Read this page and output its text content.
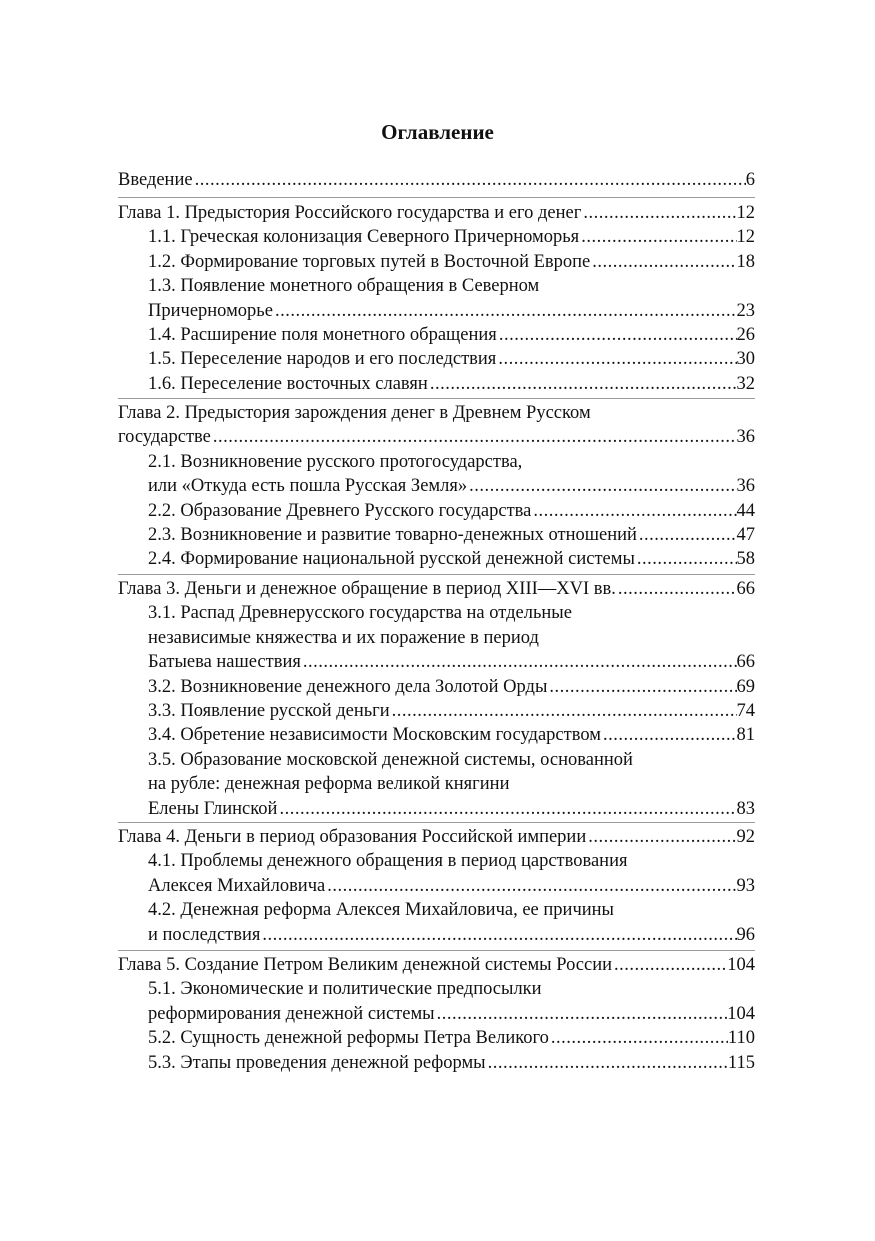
Оглавление
Введение .....	6
Глава 1. Предыстория Российского государства и его денег .....	12
1.1. Греческая колонизация Северного Причерноморья .....	12
1.2. Формирование торговых путей в Восточной Европе .....	18
1.3. Появление монетного обращения в Северном
Причерноморье .....	23
1.4. Расширение поля монетного обращения .....	26
1.5. Переселение народов и его последствия .....	30
1.6. Переселение восточных славян .....	32
Глава 2. Предыстория зарождения денег в Древнем Русском
государстве .....	36
2.1. Возникновение русского протогосударства,
или «Откуда есть пошла Русская Земля» .....	36
2.2. Образование Древнего Русского государства .....	44
2.3. Возникновение и развитие товарно-денежных отношений .....	47
2.4. Формирование национальной русской денежной системы .....	58
Глава 3. Деньги и денежное обращение в период XIII—XVI вв. .....	66
3.1. Распад Древнерусского государства на отдельные
независимые княжества и их поражение в период
Батыева нашествия .....	66
3.2. Возникновение денежного дела Золотой Орды .....	69
3.3. Появление русской деньги .....	74
3.4. Обретение независимости Московским государством .....	81
3.5. Образование московской денежной системы, основанной
на рубле: денежная реформа великой княгини
Елены Глинской .....	83
Глава 4. Деньги в период образования Российской империи .....	92
4.1. Проблемы денежного обращения в период царствования
Алексея Михайловича .....	93
4.2. Денежная реформа Алексея Михайловича, ее причины
и последствия .....	96
Глава 5. Создание Петром Великим денежной системы России .....	104
5.1. Экономические и политические предпосылки
реформирования денежной системы .....	104
5.2. Сущность денежной реформы Петра Великого .....	110
5.3. Этапы проведения денежной реформы .....	115
